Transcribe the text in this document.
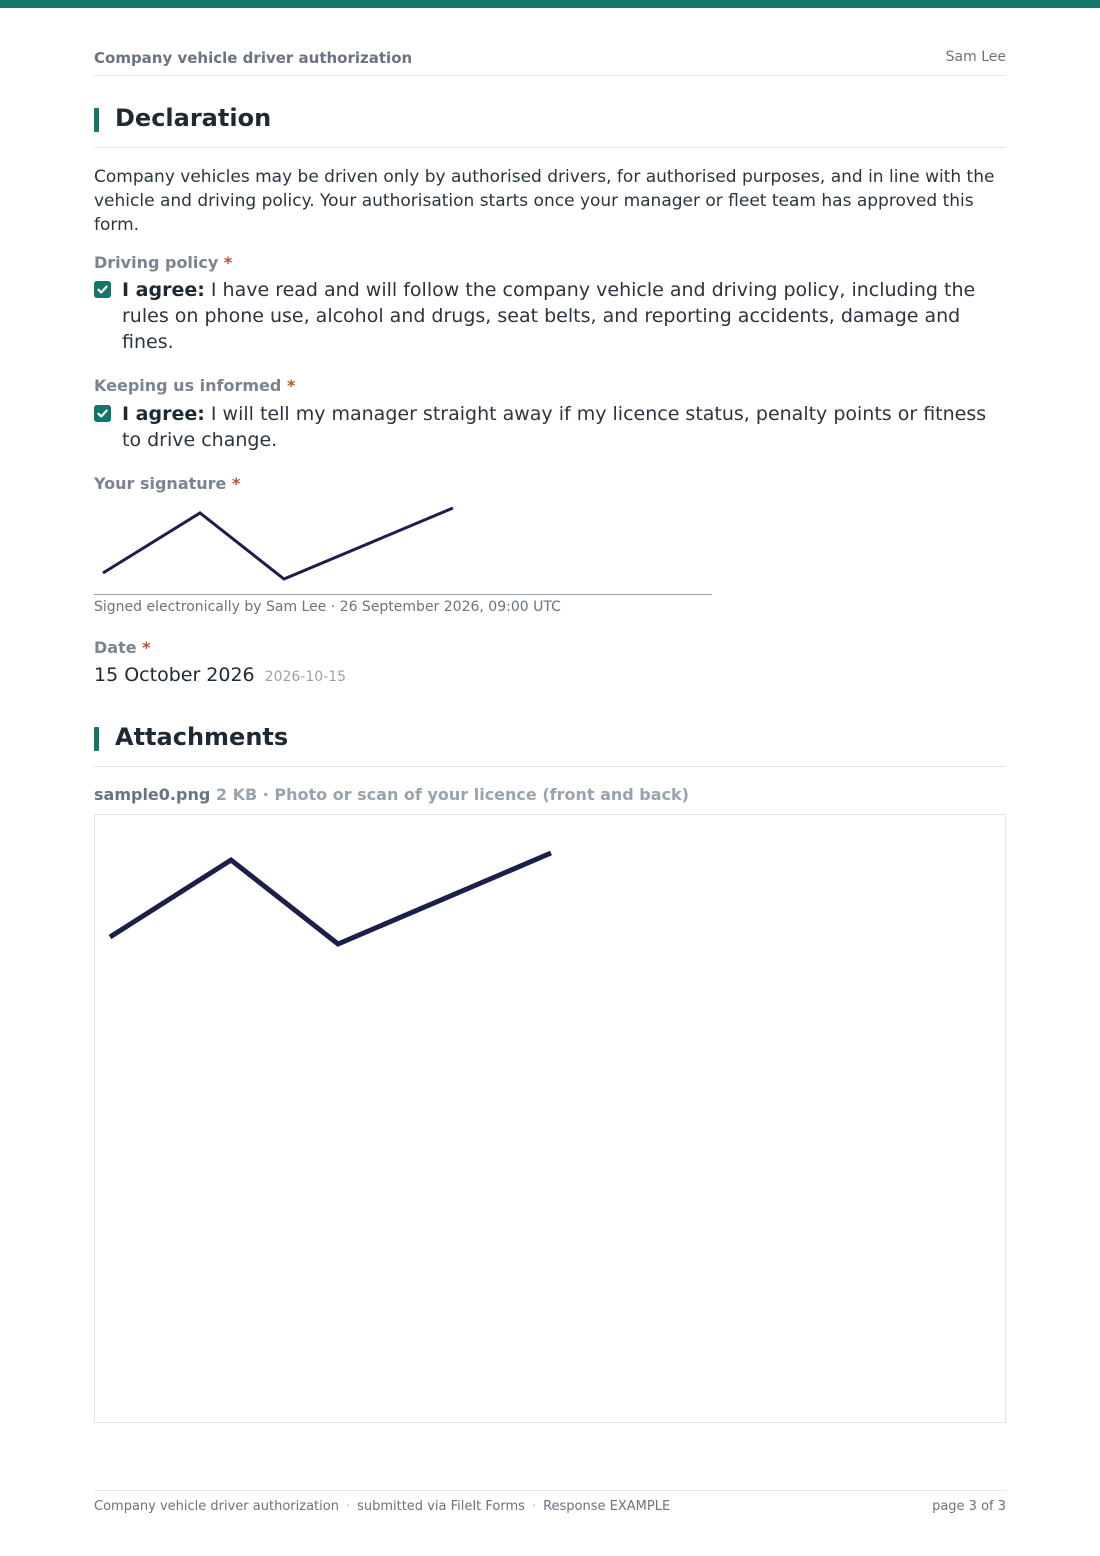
Company vehicle driver authorization	Sam Lee
Declaration

Company vehicles may be driven only by authorised drivers, for authorised purposes, and in line with the vehicle and driving policy. Your authorisation starts once your manager or fleet team has approved this form.

Driving policy *

I agree: I have read and will follow the company vehicle and driving policy, including the rules on phone use, alcohol and drugs, seat belts, and reporting accidents, damage and fines.

Keeping us informed *

I agree: I will tell my manager straight away if my licence status, penalty points or fitness to drive change.

Your signature *
Signed electronically by Sam Lee · 26 September 2026, 09:00 UTC
Date *
15 October 2026 2026-10-15
Attachments
sample0.png 2 KB · Photo or scan of your licence (front and back)
Company vehicle driver authorization · submitted via FileIt Forms · Response EXAMPLE	page 3 of 3
